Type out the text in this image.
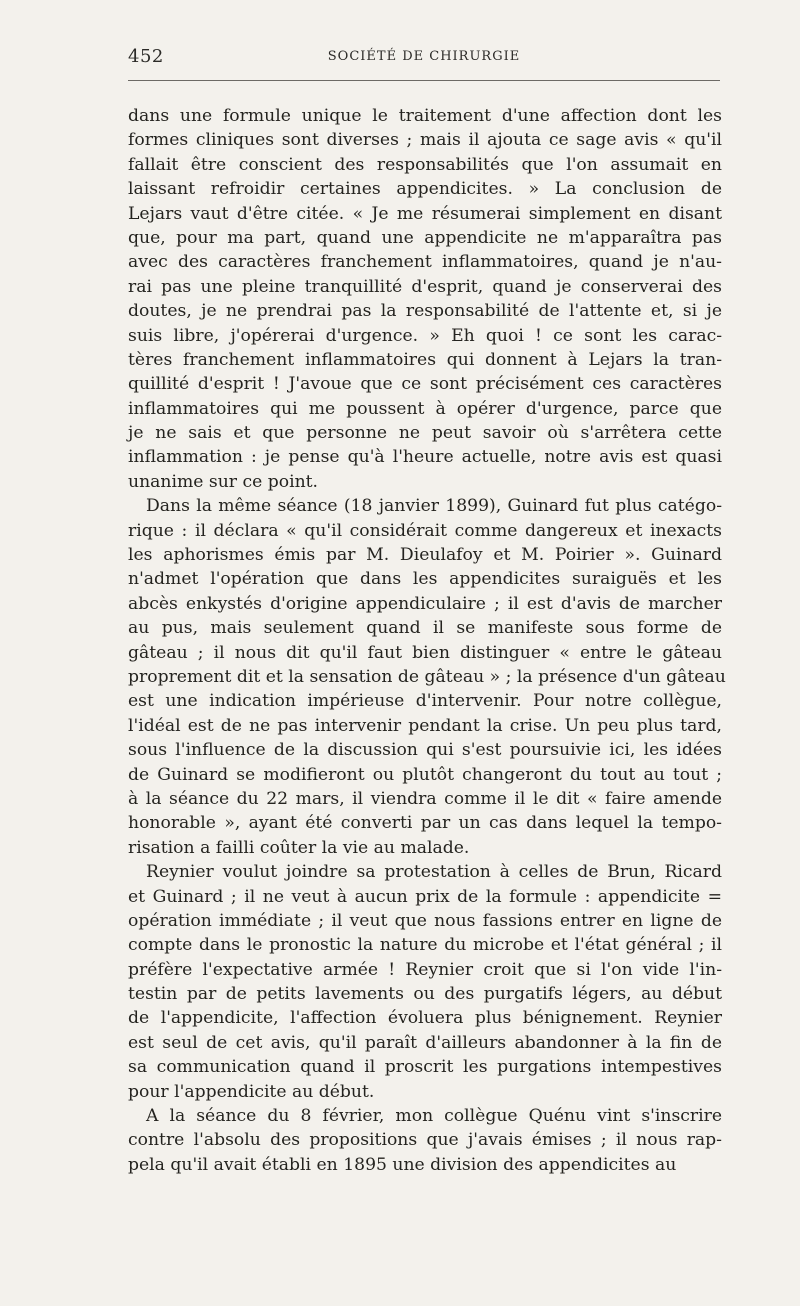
452	SOCIÉTÉ DE CHIRURGIE
dans une formule unique le traitement d'une affection dont les
formes cliniques sont diverses ; mais il ajouta ce sage avis « qu'il
fallait être conscient des responsabilités que l'on assumait en
laissant refroidir certaines appendicites. » La conclusion de
Lejars vaut d'être citée. « Je me résumerai simplement en disant
que, pour ma part, quand une appendicite ne m'apparaîtra pas
avec des caractères franchement inflammatoires, quand je n'au-
rai pas une pleine tranquillité d'esprit, quand je conserverai des
doutes, je ne prendrai pas la responsabilité de l'attente et, si je
suis libre, j'opérerai d'urgence. » Eh quoi ! ce sont les carac-
tères franchement inflammatoires qui donnent à Lejars la tran-
quillité d'esprit ! J'avoue que ce sont précisément ces caractères
inflammatoires qui me poussent à opérer d'urgence, parce que
je ne sais et que personne ne peut savoir où s'arrêtera cette
inflammation : je pense qu'à l'heure actuelle, notre avis est quasi
unanime sur ce point.
Dans la même séance (18 janvier 1899), Guinard fut plus catégo-
rique : il déclara « qu'il considérait comme dangereux et inexacts
les aphorismes émis par M. Dieulafoy et M. Poirier ». Guinard
n'admet l'opération que dans les appendicites suraiguës et les
abcès enkystés d'origine appendiculaire ; il est d'avis de marcher
au pus, mais seulement quand il se manifeste sous forme de
gâteau ; il nous dit qu'il faut bien distinguer « entre le gâteau
proprement dit et la sensation de gâteau » ; la présence d'un gâteau
est une indication impérieuse d'intervenir. Pour notre collègue,
l'idéal est de ne pas intervenir pendant la crise. Un peu plus tard,
sous l'influence de la discussion qui s'est poursuivie ici, les idées
de Guinard se modifieront ou plutôt changeront du tout au tout ;
à la séance du 22 mars, il viendra comme il le dit « faire amende
honorable », ayant été converti par un cas dans lequel la tempo-
risation a failli coûter la vie au malade.
Reynier voulut joindre sa protestation à celles de Brun, Ricard
et Guinard ; il ne veut à aucun prix de la formule : appendicite =
opération immédiate ; il veut que nous fassions entrer en ligne de
compte dans le pronostic la nature du microbe et l'état général ; il
préfère l'expectative armée ! Reynier croit que si l'on vide l'in-
testin par de petits lavements ou des purgatifs légers, au début
de l'appendicite, l'affection évoluera plus bénignement. Reynier
est seul de cet avis, qu'il paraît d'ailleurs abandonner à la fin de
sa communication quand il proscrit les purgations intempestives
pour l'appendicite au début.
A la séance du 8 février, mon collègue Quénu vint s'inscrire
contre l'absolu des propositions que j'avais émises ; il nous rap-
pela qu'il avait établi en 1895 une division des appendicites au
